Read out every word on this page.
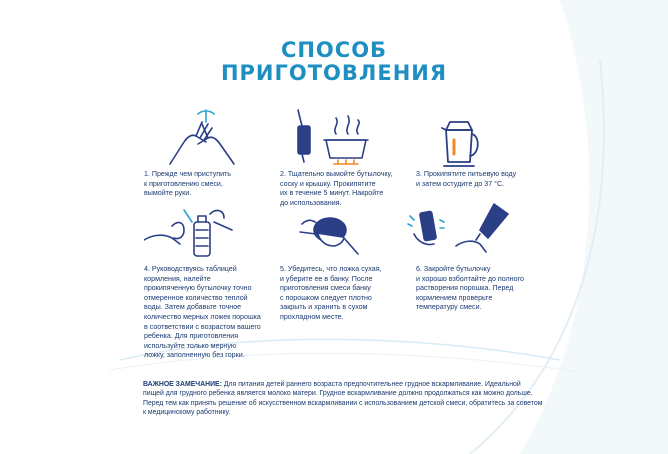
СПОСОБ
ПРИГОТОВЛЕНИЯ
1. Прежде чем приступить
к приготовлению смеси,
вымойте руки.
2. Тщательно вымойте бутылочку,
соску и крышку. Прокипятите
их в течение 5 минут. Накройте
до использования.
3. Прокипятите питьевую воду
и затем остудите до 37 °С.
4. Руководствуясь таблицей
кормления, налейте
прокипяченную бутылочку точно
отмеренное количество теплой
воды. Затем добавьте точное
количество мерных ложек порошка
в соответствии с возрастом вашего
ребенка. Для приготовления
используйте только мерную
ложку, заполненную без горки.
5. Убедитесь, что ложка сухая,
и уберите ее в банку. После
приготовления смеси банку
с порошком следует плотно
закрыть и хранить в сухом
прохладном месте.
6. Закройте бутылочку
и хорошо взболтайте до полного
растворения порошка. Перед
кормлением проверьте
температуру смеси.
ВАЖНОЕ ЗАМЕЧАНИЕ: Для питания детей раннего возраста предпочтительнее грудное вскармливание. Идеальной пищей для грудного ребенка является молоко матери. Грудное вскармливание должно продолжаться как можно дольше. Перед тем как принять решение об искусственном вскармливании с использованием детской смеси, обратитесь за советом к медицинскому работнику.
